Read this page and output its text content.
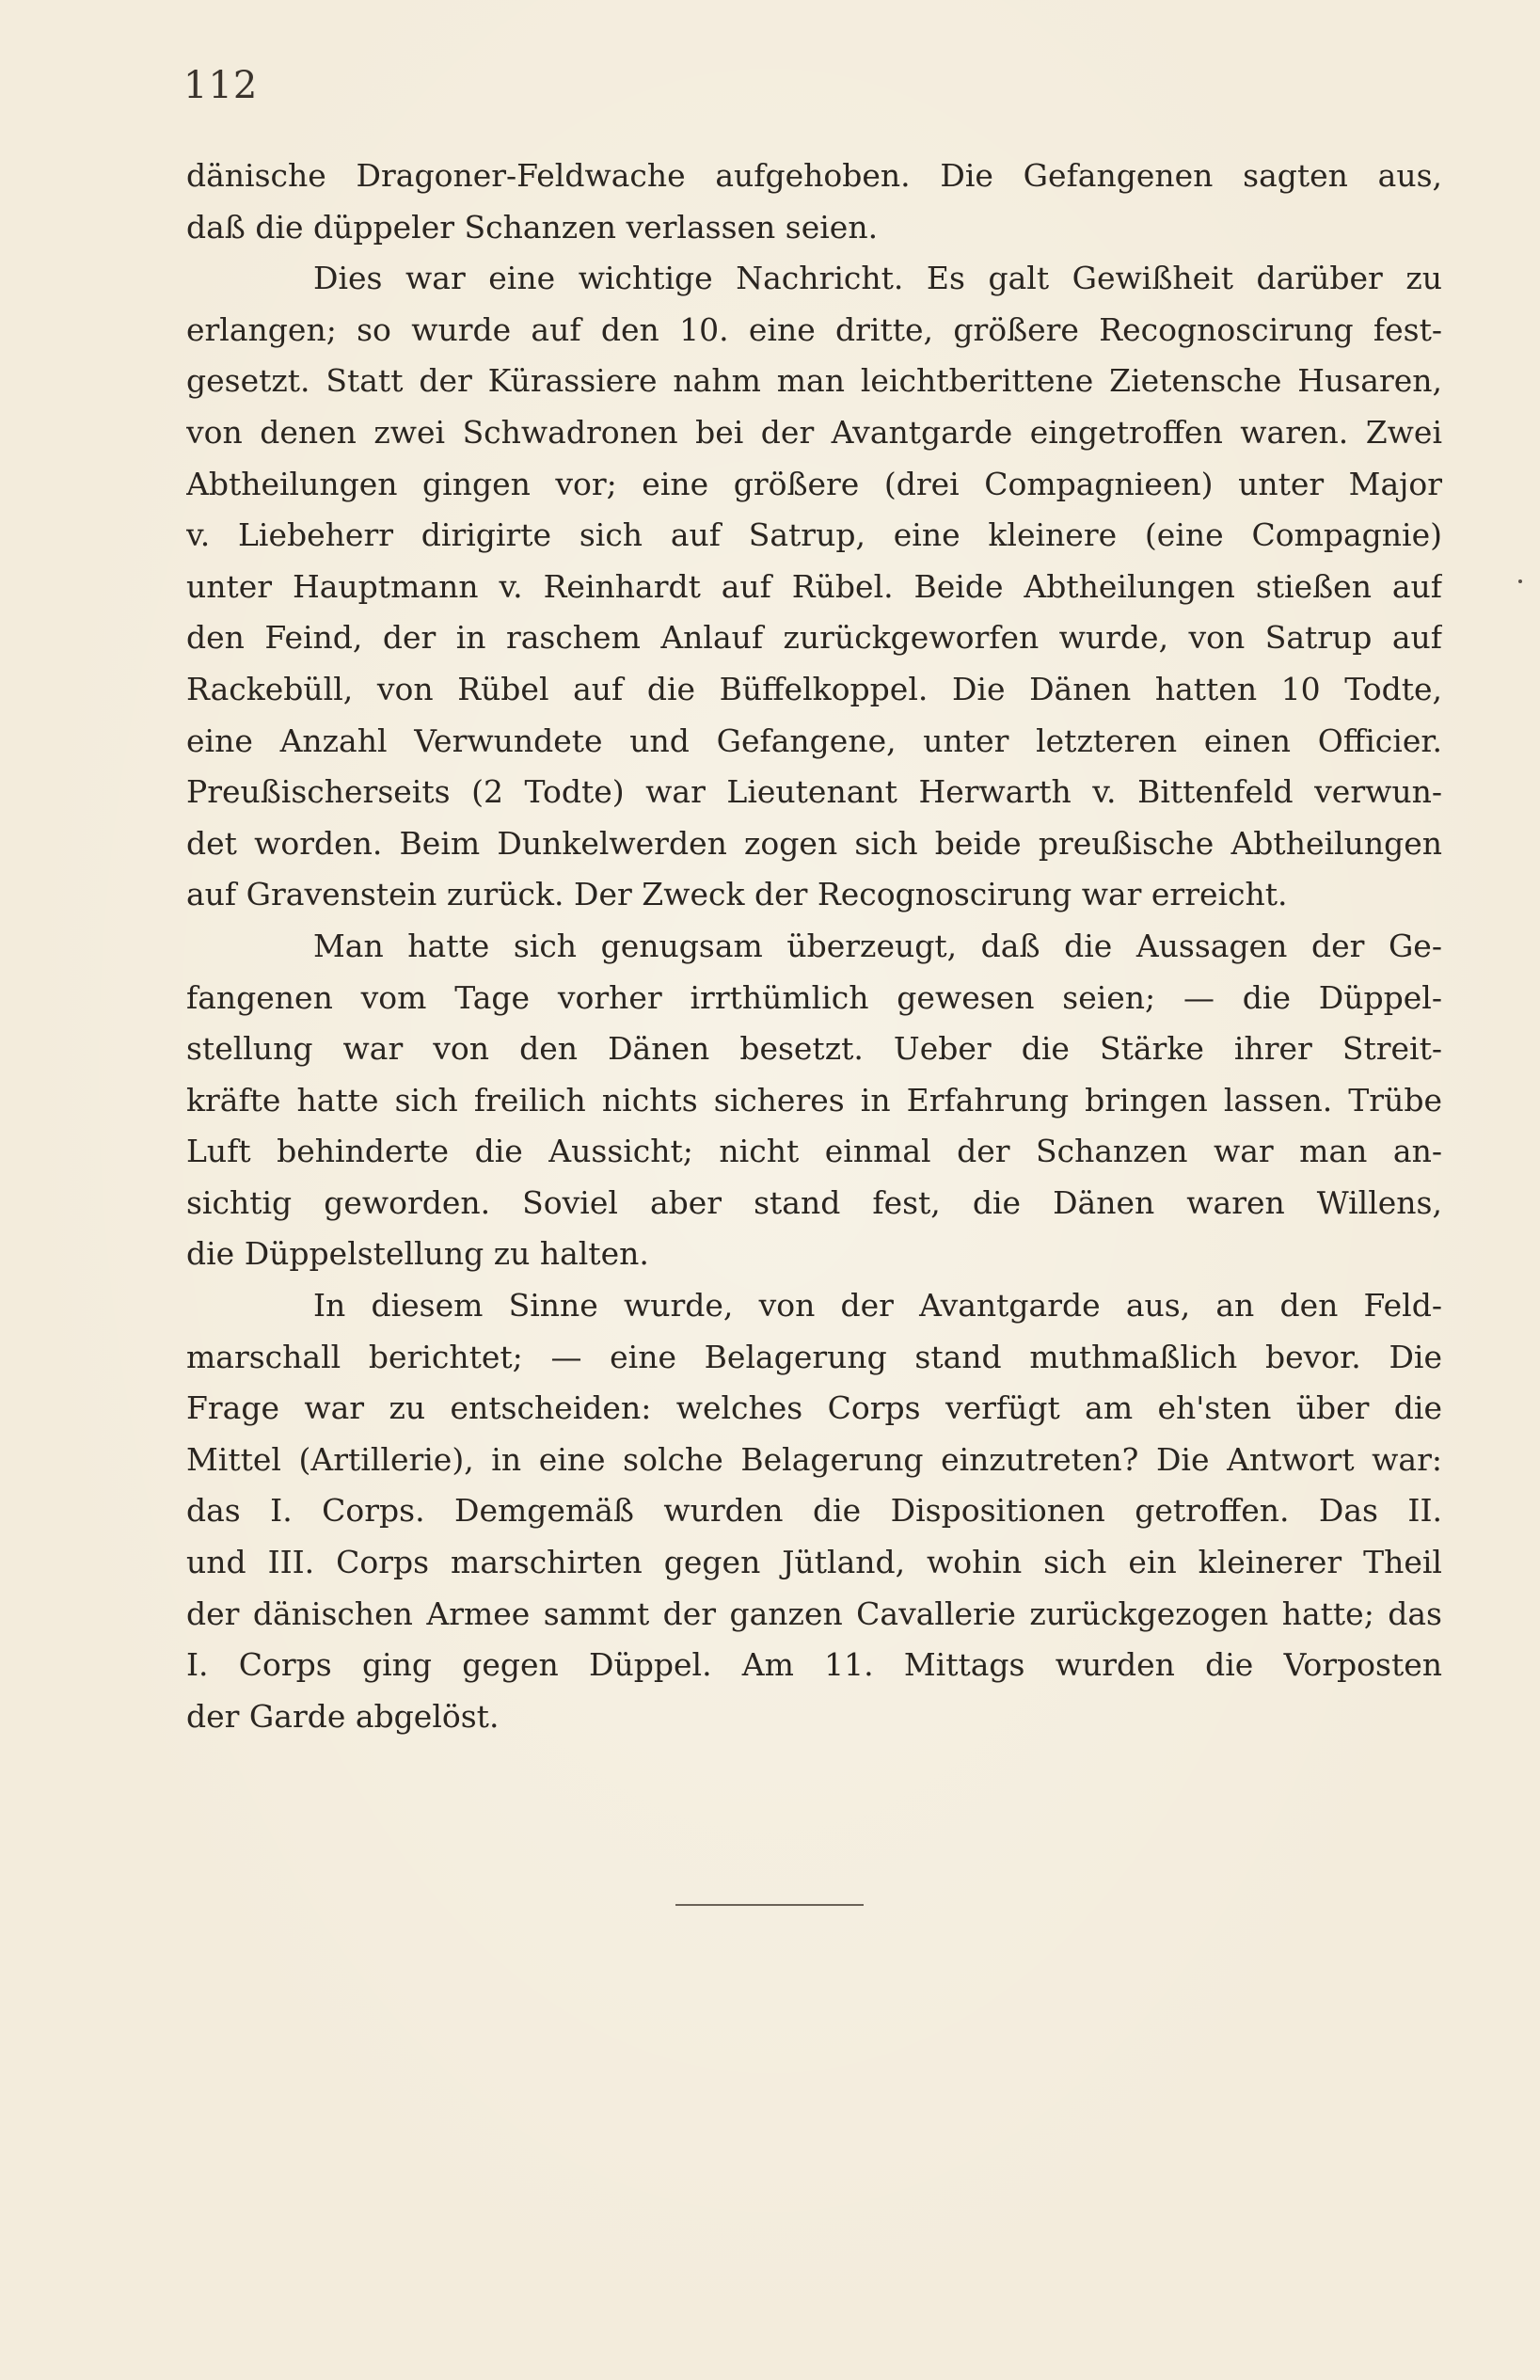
112
dänische Dragoner-Feldwache aufgehoben. Die Gefangenen sagten aus,
daß die düppeler Schanzen verlassen seien.
Dies war eine wichtige Nachricht. Es galt Gewißheit darüber zu
erlangen; so wurde auf den 10. eine dritte, größere Recognoscirung fest-
gesetzt. Statt der Kürassiere nahm man leichtberittene Zietensche Husaren,
von denen zwei Schwadronen bei der Avantgarde eingetroffen waren. Zwei
Abtheilungen gingen vor; eine größere (drei Compagnieen) unter Major
v. Liebeherr dirigirte sich auf Satrup, eine kleinere (eine Compagnie)
unter Hauptmann v. Reinhardt auf Rübel. Beide Abtheilungen stießen auf
den Feind, der in raschem Anlauf zurückgeworfen wurde, von Satrup auf
Rackebüll, von Rübel auf die Büffelkoppel. Die Dänen hatten 10 Todte,
eine Anzahl Verwundete und Gefangene, unter letzteren einen Officier.
Preußischerseits (2 Todte) war Lieutenant Herwarth v. Bittenfeld verwun-
det worden. Beim Dunkelwerden zogen sich beide preußische Abtheilungen
auf Gravenstein zurück. Der Zweck der Recognoscirung war erreicht.
Man hatte sich genugsam überzeugt, daß die Aussagen der Ge-
fangenen vom Tage vorher irrthümlich gewesen seien; — die Düppel-
stellung war von den Dänen besetzt. Ueber die Stärke ihrer Streit-
kräfte hatte sich freilich nichts sicheres in Erfahrung bringen lassen. Trübe
Luft behinderte die Aussicht; nicht einmal der Schanzen war man an-
sichtig geworden. Soviel aber stand fest, die Dänen waren Willens,
die Düppelstellung zu halten.
In diesem Sinne wurde, von der Avantgarde aus, an den Feld-
marschall berichtet; — eine Belagerung stand muthmaßlich bevor. Die
Frage war zu entscheiden: welches Corps verfügt am eh'sten über die
Mittel (Artillerie), in eine solche Belagerung einzutreten? Die Antwort war:
das I. Corps. Demgemäß wurden die Dispositionen getroffen. Das II.
und III. Corps marschirten gegen Jütland, wohin sich ein kleinerer Theil
der dänischen Armee sammt der ganzen Cavallerie zurückgezogen hatte; das
I. Corps ging gegen Düppel. Am 11. Mittags wurden die Vorposten
der Garde abgelöst.
